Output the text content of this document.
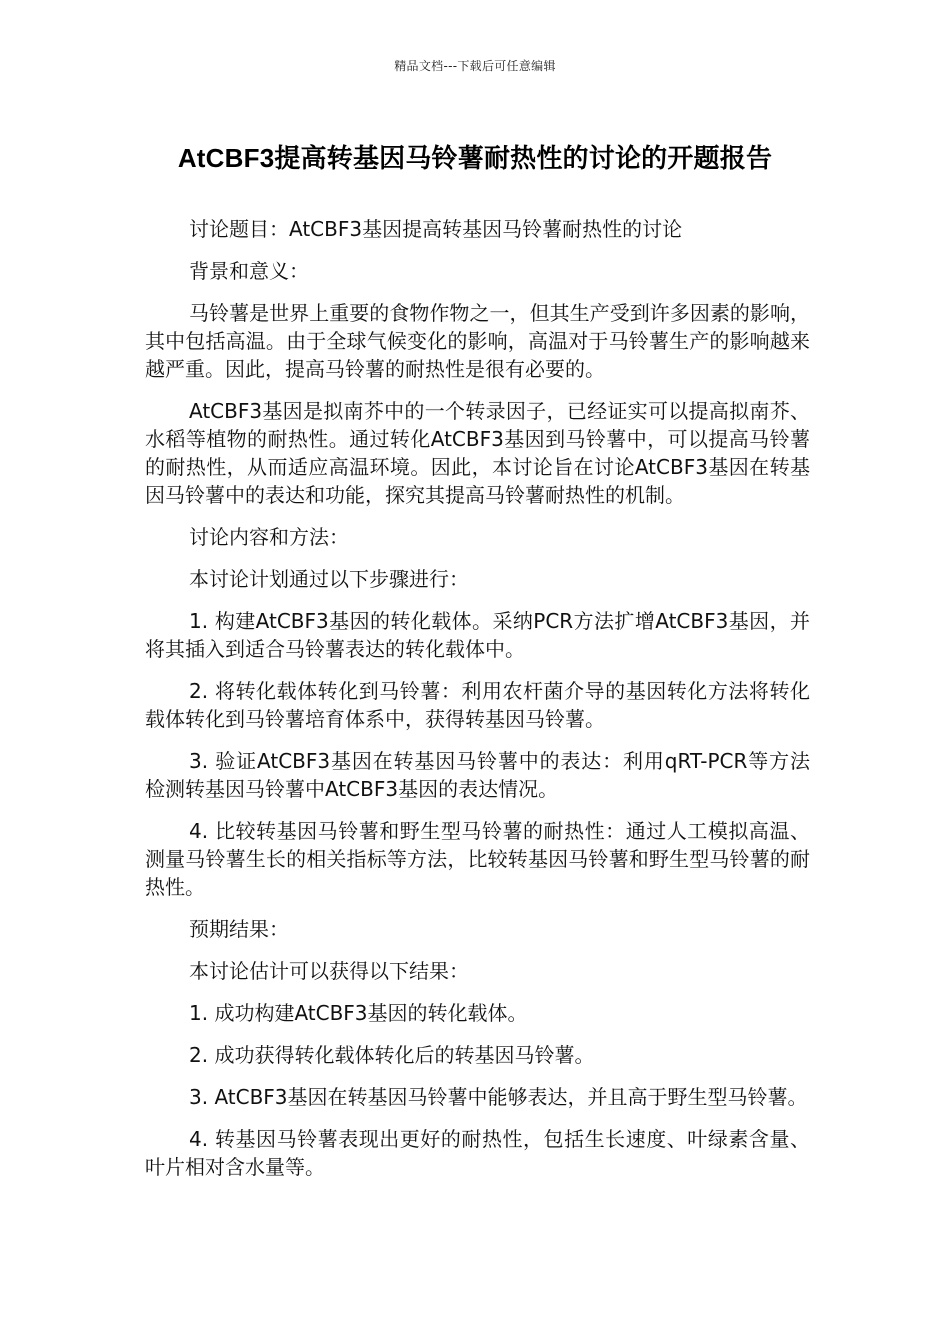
精品文档---下载后可任意编辑
AtCBF3提高转基因马铃薯耐热性的讨论的开题报告

讨论题目：AtCBF3基因提高转基因马铃薯耐热性的讨论

背景和意义：

马铃薯是世界上重要的食物作物之一，但其生产受到许多因素的影响，其中包括高温。由于全球气候变化的影响，高温对于马铃薯生产的影响越来越严重。因此，提高马铃薯的耐热性是很有必要的。

AtCBF3基因是拟南芥中的一个转录因子，已经证实可以提高拟南芥、水稻等植物的耐热性。通过转化AtCBF3基因到马铃薯中，可以提高马铃薯的耐热性，从而适应高温环境。因此，本讨论旨在讨论AtCBF3基因在转基因马铃薯中的表达和功能，探究其提高马铃薯耐热性的机制。

讨论内容和方法：

本讨论计划通过以下步骤进行：

1. 构建AtCBF3基因的转化载体。采纳PCR方法扩增AtCBF3基因，并将其插入到适合马铃薯表达的转化载体中。

2. 将转化载体转化到马铃薯：利用农杆菌介导的基因转化方法将转化载体转化到马铃薯培育体系中，获得转基因马铃薯。

3. 验证AtCBF3基因在转基因马铃薯中的表达：利用qRT-PCR等方法检测转基因马铃薯中AtCBF3基因的表达情况。

4. 比较转基因马铃薯和野生型马铃薯的耐热性：通过人工模拟高温、测量马铃薯生长的相关指标等方法，比较转基因马铃薯和野生型马铃薯的耐热性。

预期结果：

本讨论估计可以获得以下结果：

1. 成功构建AtCBF3基因的转化载体。

2. 成功获得转化载体转化后的转基因马铃薯。

3. AtCBF3基因在转基因马铃薯中能够表达，并且高于野生型马铃薯。

4. 转基因马铃薯表现出更好的耐热性，包括生长速度、叶绿素含量、叶片相对含水量等。
